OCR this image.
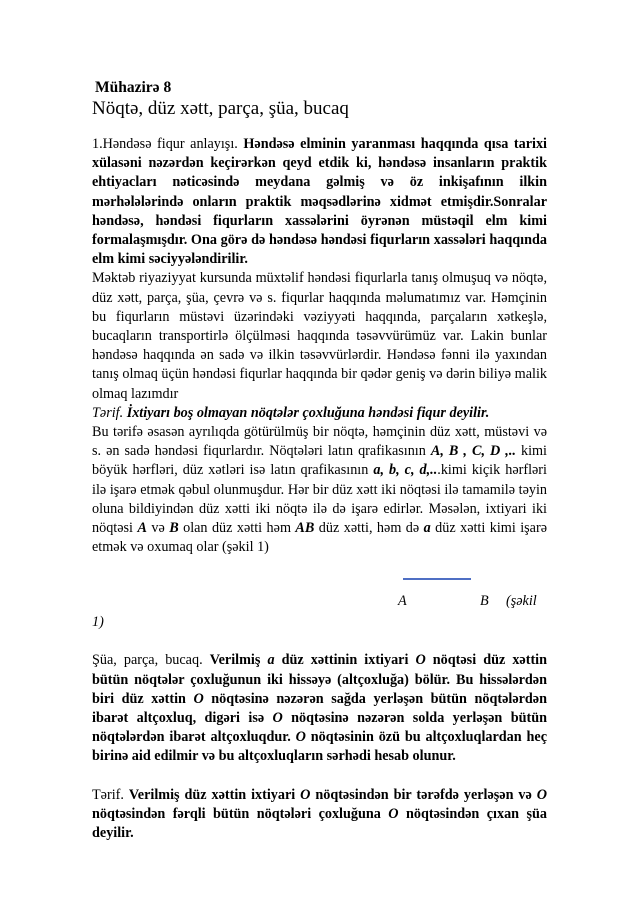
Mühazirə 8

Nöqtə, düz xətt, parça, şüa, bucaq

1.Həndəsə fiqur anlayışı. Həndəsə elminin yaranması haqqında qısa tarixi xülasəni nəzərdən keçirərkən qeyd etdik ki, həndəsə insanların praktik ehtiyacları nəticəsində meydana gəlmiş və öz inkişafının ilkin mərhələlərində onların praktik məqsədlərinə xidmət etmişdir.Sonralar həndəsə, həndəsi fiqurların xassələrini öyrənən müstəqil elm kimi formalaşmışdır. Ona görə də həndəsə həndəsi fiqurların xassələri haqqında elm kimi səciyyələndirilir.

Məktəb riyaziyyat kursunda müxtəlif həndəsi fiqurlarla tanış olmuşuq və nöqtə, düz xətt, parça, şüa, çevrə və s. fiqurlar haqqında məlumatımız var. Həmçinin bu fiqurların müstəvi üzərindəki vəziyyəti haqqında, parçaların xətkeşlə, bucaqların transportirlə ölçülməsi haqqında təsəvvürümüz var. Lakin bunlar həndəsə haqqında ən sadə və ilkin təsəvvürlərdir. Həndəsə fənni ilə yaxından tanış olmaq üçün həndəsi fiqurlar haqqında bir qədər geniş və dərin biliyə malik olmaq lazımdır

Tərif. İxtiyarı boş olmayan nöqtələr çoxluğuna həndəsi fiqur deyilir.

Bu tərifə əsasən ayrılıqda götürülmüş bir nöqtə, həmçinin düz xətt, müstəvi və s. ən sadə həndəsi fiqurlardır. Nöqtələri latın qrafikasının A, B , C, D ,.. kimi böyük hərfləri, düz xətləri isə latın qrafikasının a, b, c, d,...kimi kiçik hərfləri ilə işarə etmək qəbul olunmuşdur. Hər bir düz xətt iki nöqtəsi ilə tamamilə təyin oluna bildiyindən düz xətti iki nöqtə ilə də işarə edirlər. Məsələn, ixtiyari iki nöqtəsi A və B olan düz xətti həm AB düz xətti, həm də a düz xətti kimi işarə etmək və oxumaq olar (şəkil 1)

A	B (şəkil

1)

Şüa, parça, bucaq. Verilmiş a düz xəttinin ixtiyari O nöqtəsi düz xəttin bütün nöqtələr çoxluğunun iki hissəyə (altçoxluğa) bölür. Bu hissələrdən biri düz xəttin O nöqtəsinə nəzərən sağda yerləşən bütün nöqtələrdən ibarət altçoxluq, digəri isə O nöqtəsinə nəzərən solda yerləşən bütün nöqtələrdən ibarət altçoxluqdur. O nöqtəsinin özü bu altçoxluqlardan heç birinə aid edilmir və bu altçoxluqların sərhədi hesab olunur.

Tərif. Verilmiş düz xəttin ixtiyari O nöqtəsindən bir tərəfdə yerləşən və O nöqtəsindən fərqli bütün nöqtələri çoxluğuna O nöqtəsindən çıxan şüa deyilir.
